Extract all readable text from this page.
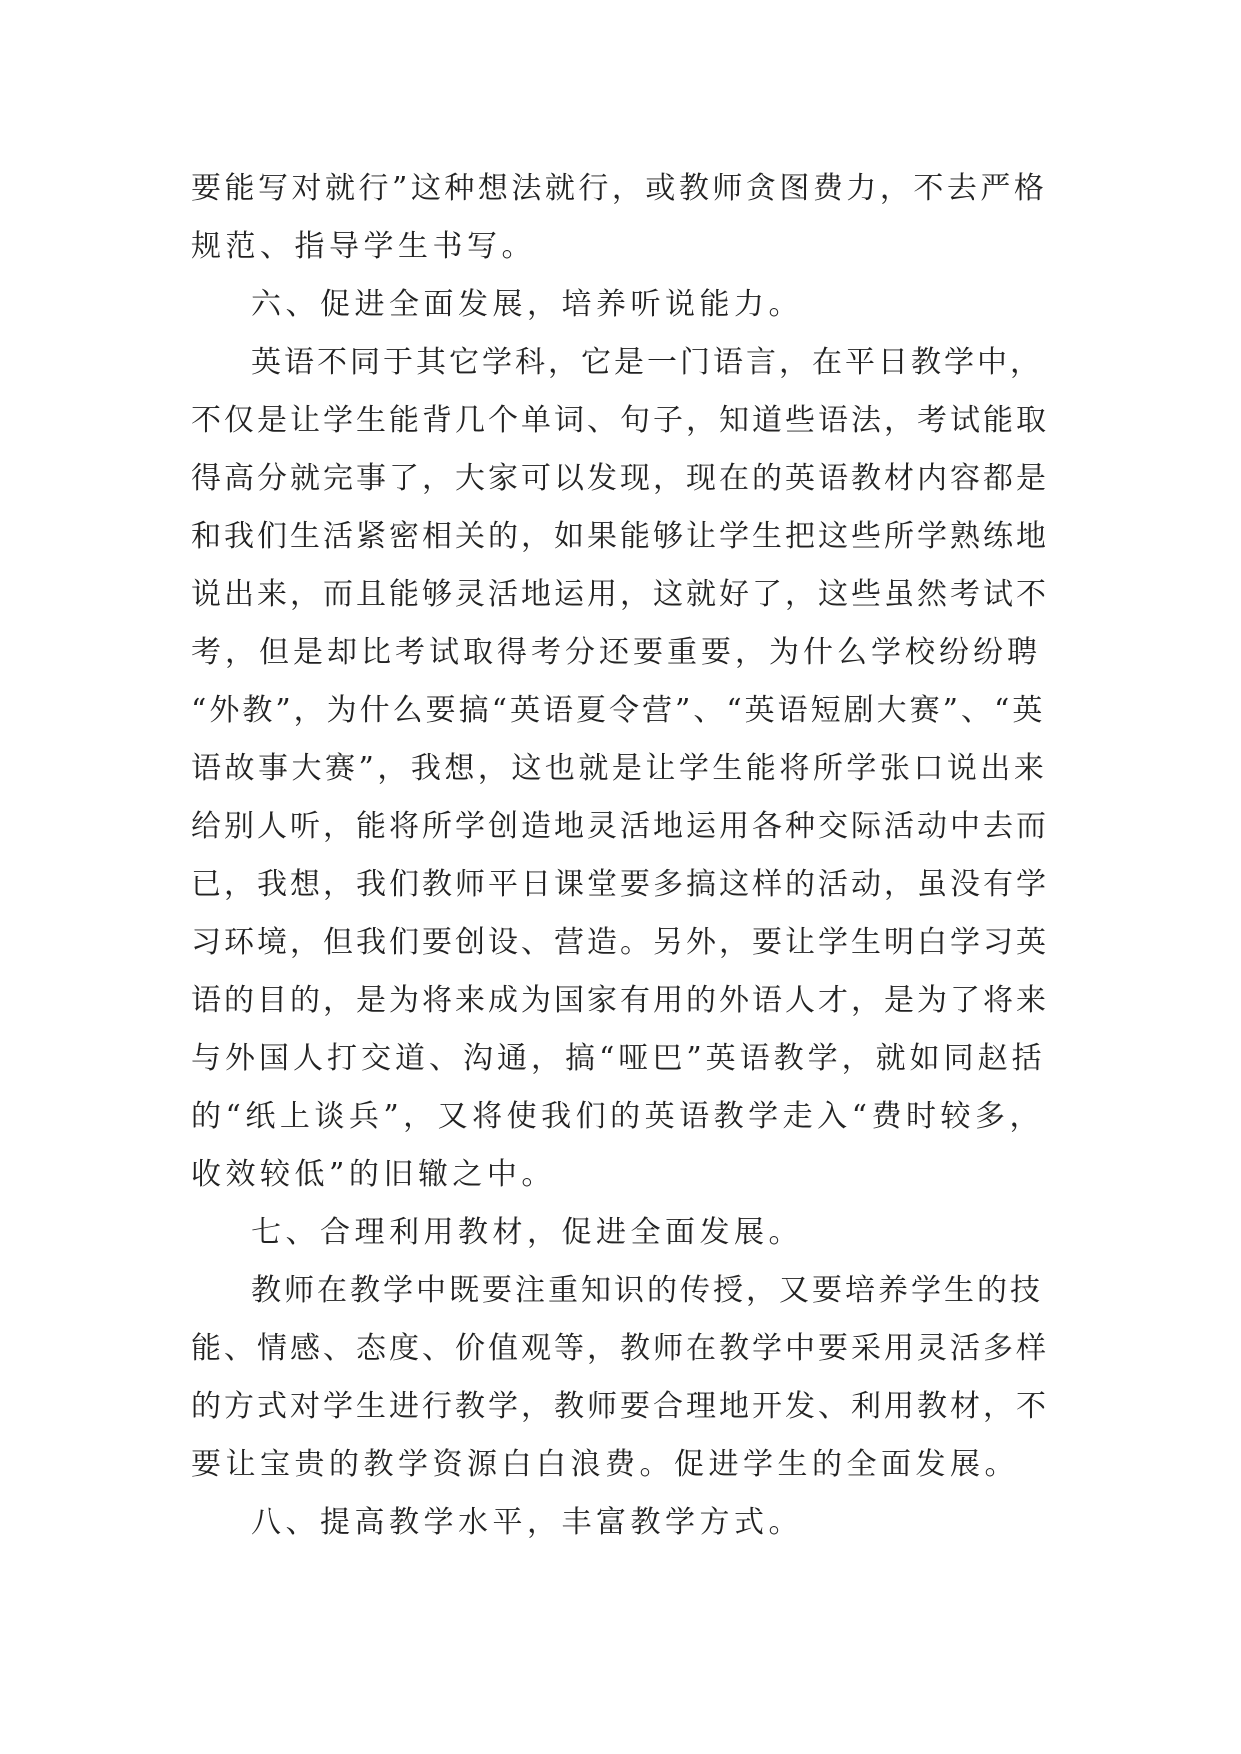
要能写对就行”这种想法就行，或教师贪图费力，不去严格
规范、指导学生书写。
六、促进全面发展，培养听说能力。
英语不同于其它学科，它是一门语言，在平日教学中，
不仅是让学生能背几个单词、句子，知道些语法，考试能取
得高分就完事了，大家可以发现，现在的英语教材内容都是
和我们生活紧密相关的，如果能够让学生把这些所学熟练地
说出来，而且能够灵活地运用，这就好了，这些虽然考试不
考，但是却比考试取得考分还要重要，为什么学校纷纷聘
“外教”，为什么要搞“英语夏令营”、“英语短剧大赛”、“英
语故事大赛”，我想，这也就是让学生能将所学张口说出来
给别人听，能将所学创造地灵活地运用各种交际活动中去而
已，我想，我们教师平日课堂要多搞这样的活动，虽没有学
习环境，但我们要创设、营造。另外，要让学生明白学习英
语的目的，是为将来成为国家有用的外语人才，是为了将来
与外国人打交道、沟通，搞“哑巴”英语教学，就如同赵括
的“纸上谈兵”，又将使我们的英语教学走入“费时较多，
收效较低”的旧辙之中。
七、合理利用教材，促进全面发展。
教师在教学中既要注重知识的传授，又要培养学生的技
能、情感、态度、价值观等，教师在教学中要采用灵活多样
的方式对学生进行教学，教师要合理地开发、利用教材，不
要让宝贵的教学资源白白浪费。促进学生的全面发展。
八、提高教学水平，丰富教学方式。
